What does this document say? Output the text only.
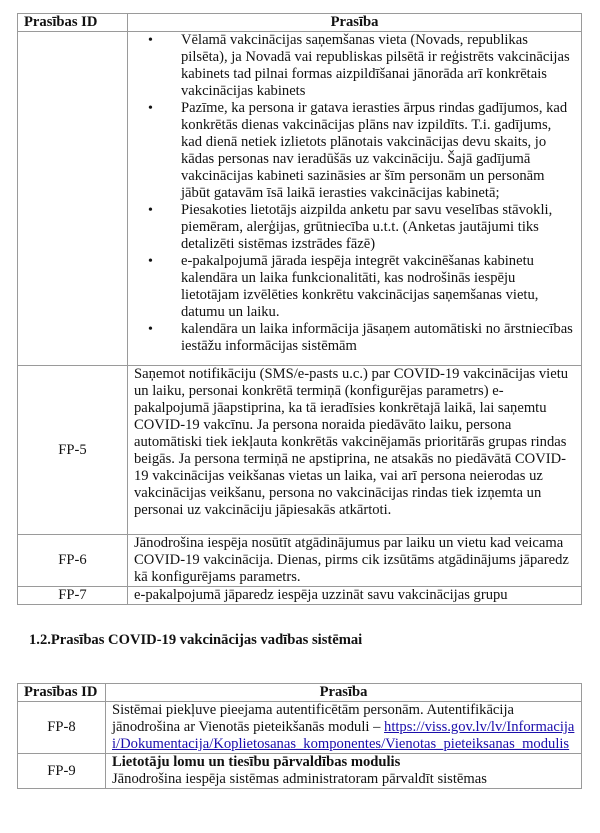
Prasības ID	Prasība

• Vēlamā vakcinācijas saņemšanas vieta (Novads, republikas pilsēta), ja Novadā vai republiskas pilsētā ir reģistrēts vakcinācijas kabinets tad pilnai formas aizpildīšanai jānorāda arī konkrētais vakcinācijas kabinets
• Pazīme, ka persona ir gatava ierasties ārpus rindas gadījumos, kad konkrētās dienas vakcinācijas plāns nav izpildīts. T.i. gadījums, kad dienā netiek izlietots plānotais vakcinācijas devu skaits, jo kādas personas nav ieradūšās uz vakcināciju. Šajā gadījumā vakcinācijas kabineti sazināsies ar šīm personām un personām jābūt gatavām īsā laikā ierasties vakcinācijas kabinetā;
• Piesakoties lietotājs aizpilda anketu par savu veselības stāvokli, piemēram, alerģijas, grūtniecība u.t.t. (Anketas jautājumi tiks detalizēti sistēmas izstrādes fāzē)
• e-pakalpojumā jārada iespēja integrēt vakcinēšanas kabinetu kalendāra un laika funkcionalitāti, kas nodrošinās iespēju lietotājam izvēlēties konkrētu vakcinācijas saņemšanas vietu, datumu un laiku.
• kalendāra un laika informācija jāsaņem automātiski no ārstniecības iestāžu informācijas sistēmām

FP-5	Saņemot notifikāciju (SMS/e-pasts u.c.) par COVID-19 vakcinācijas vietu un laiku, personai konkrētā termiņā (konfigurējas parametrs) e-pakalpojumā jāapstiprina, ka tā ieradīsies konkrētajā laikā, lai saņemtu COVID-19 vakcīnu. Ja persona noraida piedāvāto laiku, persona automātiski tiek iekļauta konkrētās vakcinējamās prioritārās grupas rindas beigās. Ja persona termiņā ne apstiprina, ne atsakās no piedāvātā COVID-19 vakcinācijas veikšanas vietas un laika, vai arī persona neierodas uz vakcinācijas veikšanu, persona no vakcinācijas rindas tiek izņemta un personai uz vakcināciju jāpiesakās atkārtoti.
FP-6	Jānodrošina iespēja nosūtīt atgādinājumus par laiku un vietu kad veicama COVID-19 vakcinācija. Dienas, pirms cik izsūtāms atgādinājums jāparedz kā konfigurējams parametrs.
FP-7	e-pakalpojumā jāparedz iespēja uzzināt savu vakcinācijas grupu
1.2.Prasības COVID-19 vakcinācijas vadības sistēmai
Prasības ID	Prasība
FP-8	Sistēmai piekļuve pieejama autentificētām personām. Autentifikācija jānodrošina ar Vienotās pieteikšanās moduli – https://viss.gov.lv/lv/Informacijai/Dokumentacija/Koplietosanas_komponentes/Vienotas_pieteiksanas_modulis
FP-9	Lietotāju lomu un tiesību pārvaldības modulis
Jānodrošina iespēja sistēmas administratoram pārvaldīt sistēmas
